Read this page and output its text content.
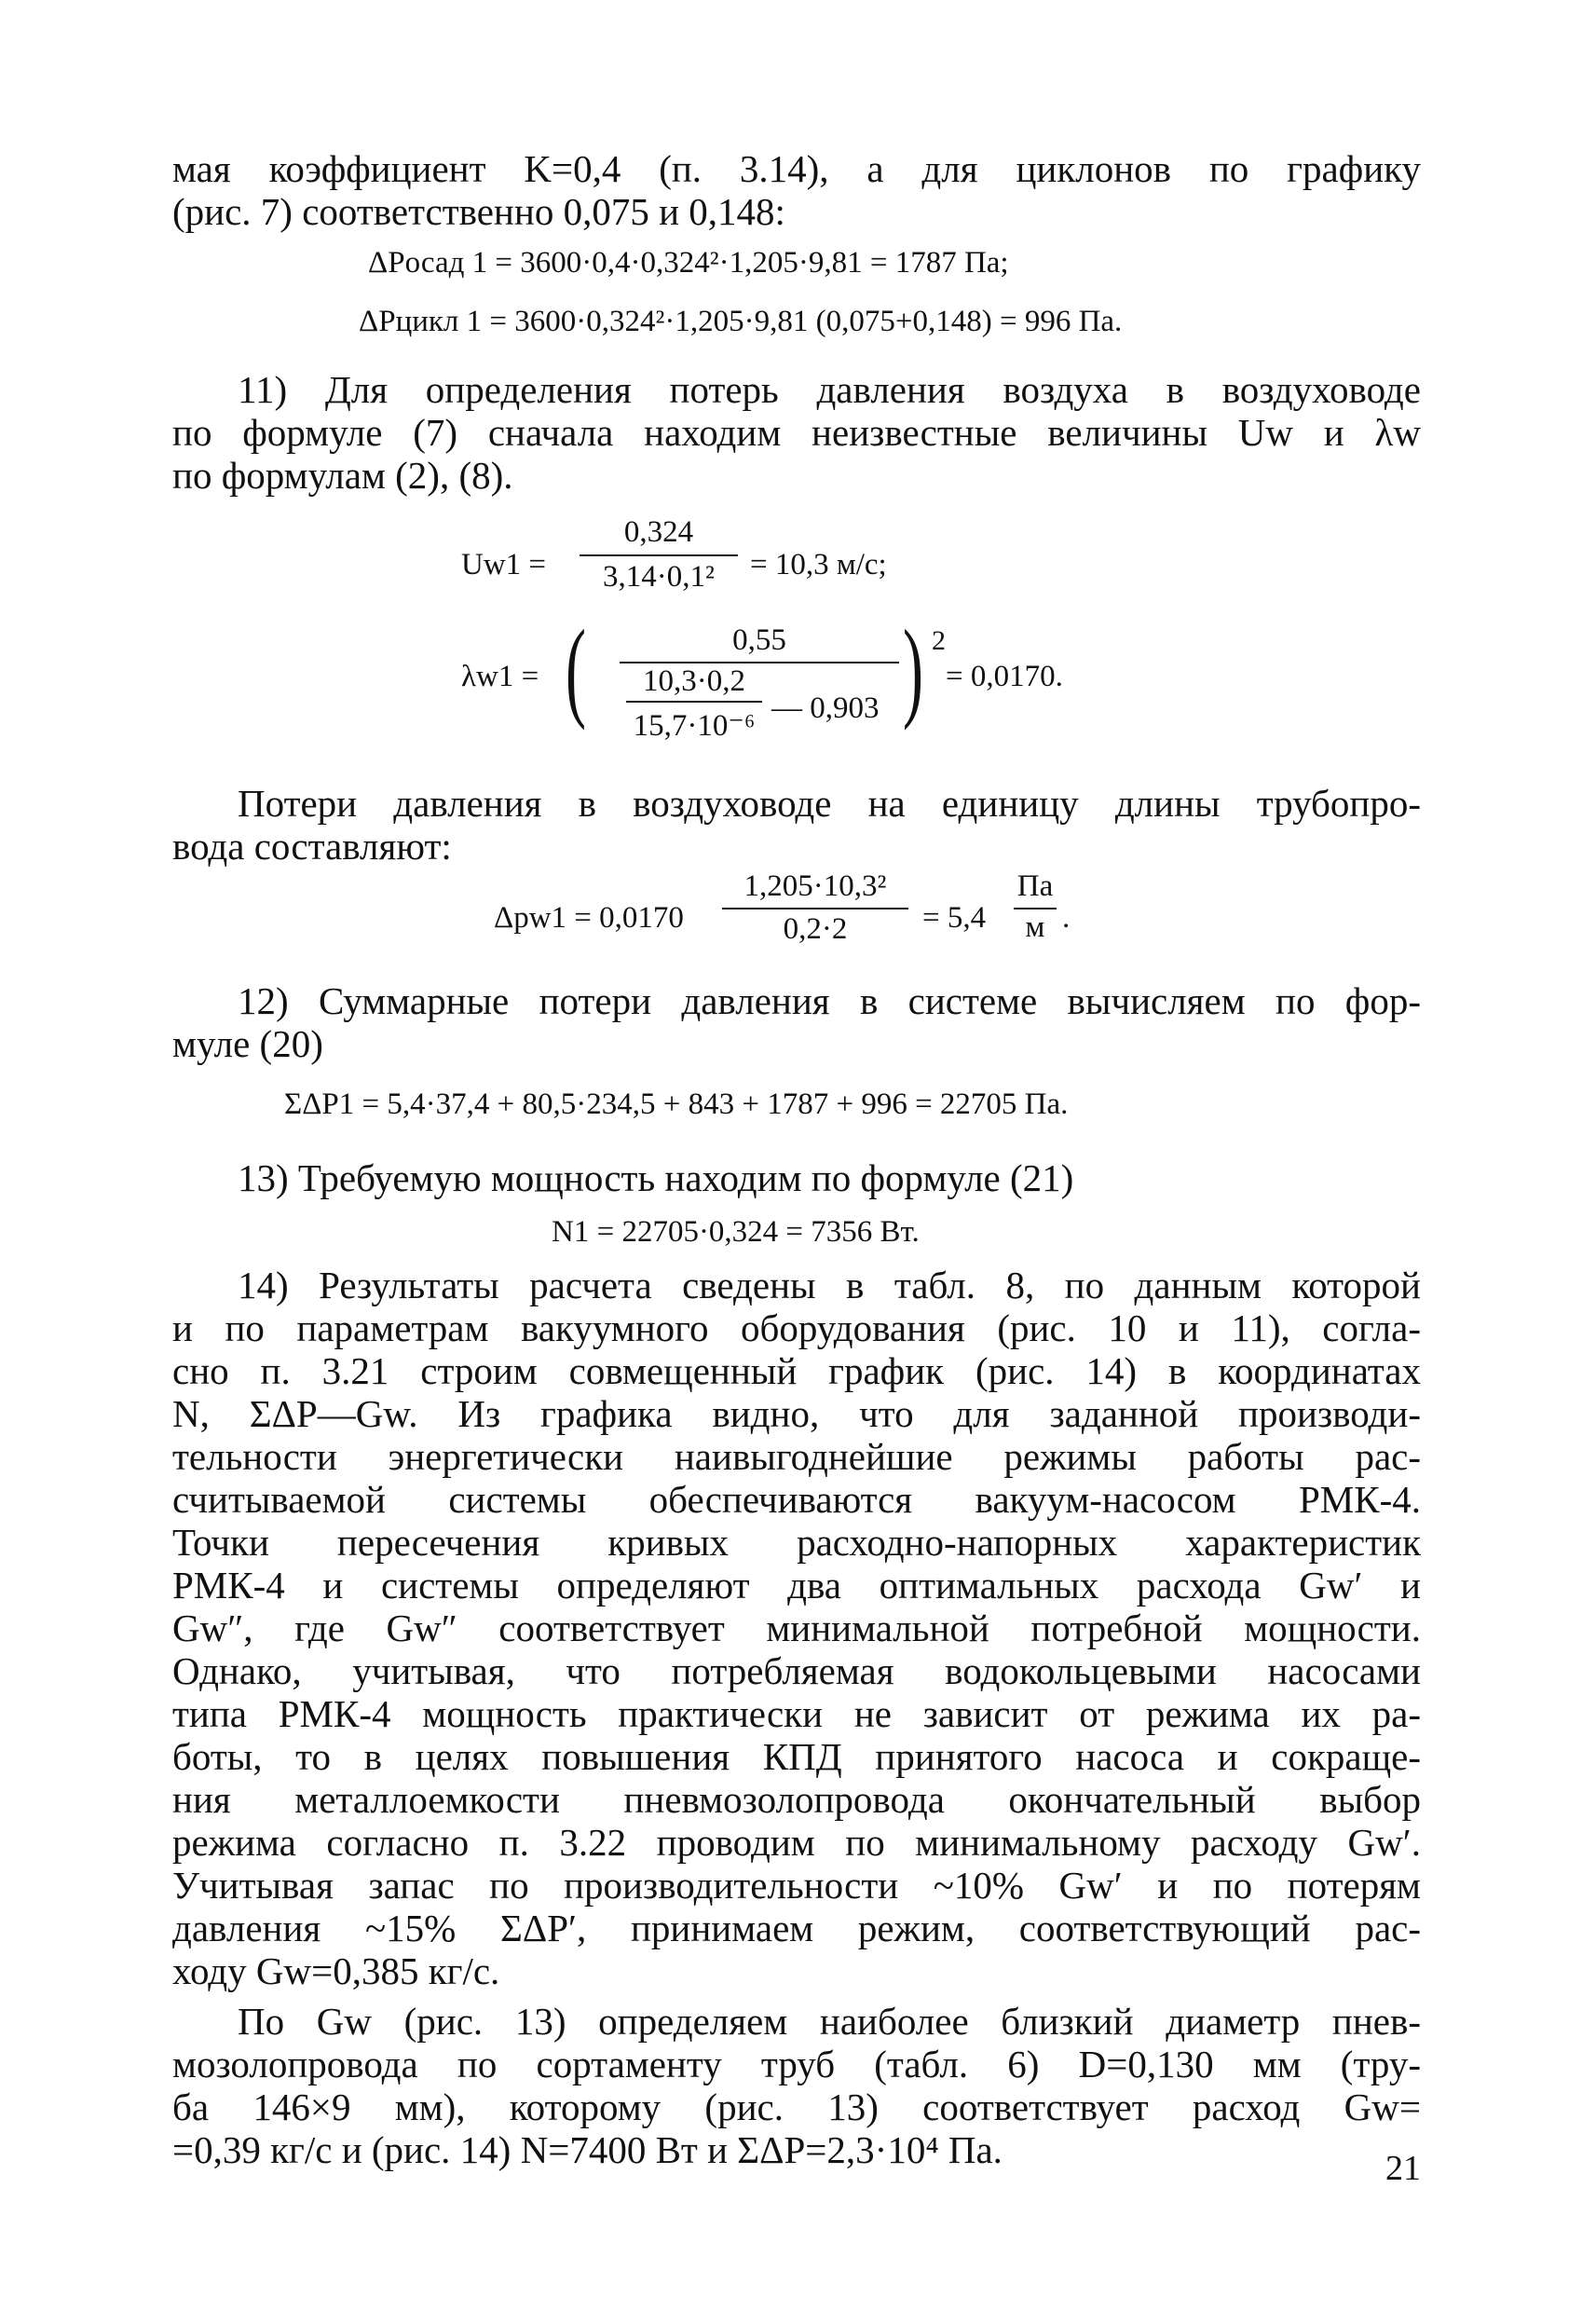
мая коэффициент K=0,4 (п. 3.14), а для циклонов по графику
(рис. 7) соответственно 0,075 и 0,148:
ΔPосад 1 = 3600·0,4·0,324²·1,205·9,81 = 1787 Па;
ΔPцикл 1 = 3600·0,324²·1,205·9,81 (0,075+0,148) = 996 Па.
11) Для определения потерь давления воздуха в воздуховоде
по формуле (7) сначала находим неизвестные величины Uw и λw
по формулам (2), (8).
Uw1 =
0,324
3,14·0,1²	= 10,3 м/с;
λw1 = (	0,55
10,3·0,2
15,7·10⁻⁶
— 0,903 ) 2
= 0,0170.
Потери давления в воздуховоде на единицу длины трубопро-
вода составляют:
Δpw1 = 0,0170
1,205·10,3²
0,2·2	= 5,4
Па
м .
12) Суммарные потери давления в системе вычисляем по фор-
муле (20)
ΣΔP1 = 5,4·37,4 + 80,5·234,5 + 843 + 1787 + 996 = 22705 Па.
13) Требуемую мощность находим по формуле (21)
N1 = 22705·0,324 = 7356 Вт.
14) Результаты расчета сведены в табл. 8, по данным которой
и по параметрам вакуумного оборудования (рис. 10 и 11), согла-
сно п. 3.21 строим совмещенный график (рис. 14) в координатах
N, ΣΔP—Gw. Из графика видно, что для заданной производи-
тельности энергетически наивыгоднейшие режимы работы рас-
считываемой системы обеспечиваются вакуум-насосом РМК-4.
Точки пересечения кривых расходно-напорных характеристик
РМК-4 и системы определяют два оптимальных расхода Gw′ и
Gw″, где Gw″ соответствует минимальной потребной мощности.
Однако, учитывая, что потребляемая водокольцевыми насосами
типа РМК-4 мощность практически не зависит от режима их ра-
боты, то в целях повышения КПД принятого насоса и сокраще-
ния металлоемкости пневмозолопровода окончательный выбор
режима согласно п. 3.22 проводим по минимальному расходу Gw′.
Учитывая запас по производительности ~10% Gw′ и по потерям
давления ~15% ΣΔP′, принимаем режим, соответствующий рас-
ходу Gw=0,385 кг/с.
По Gw (рис. 13) определяем наиболее близкий диаметр пнев-
мозолопровода по сортаменту труб (табл. 6) D=0,130 мм (тру-
ба 146×9 мм), которому (рис. 13) соответствует расход Gw=
=0,39 кг/с и (рис. 14) N=7400 Вт и ΣΔP=2,3·10⁴ Па.	21
